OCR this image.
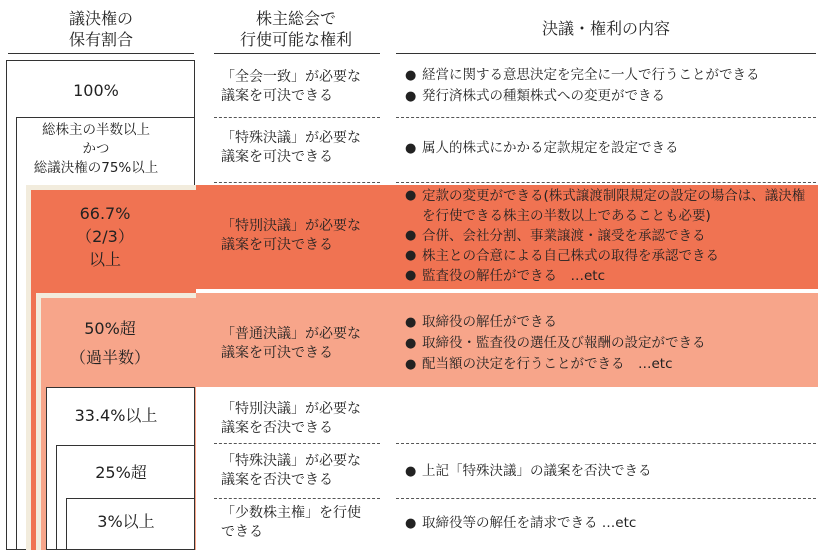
議決権の
保有割合
株主総会で
行使可能な権利
決議・権利の内容
100%
総株主の半数以上
かつ
総議決権の75%以上
66.7%
（2/3）
以上
50%超
（過半数）
33.4%以上
25%超
3%以上
「全会一致」が必要な
議案を可決できる
「特殊決議」が必要な
議案を可決できる
「特別決議」が必要な
議案を可決できる
「普通決議」が必要な
議案を可決できる
「特別決議」が必要な
議案を否決できる
「特殊決議」が必要な
議案を否決できる
「少数株主権」を行使
できる
● 経営に関する意思決定を完全に一人で行うことができる
● 発行済株式の種類株式への変更ができる
● 属人的株式にかかる定款規定を設定できる
● 定款の変更ができる(株式譲渡制限規定の設定の場合は、議決権を行使できる株主の半数以上であることも必要)
● 合併、会社分割、事業譲渡・譲受を承認できる
● 株主との合意による自己株式の取得を承認できる
● 監査役の解任ができる　…etc
● 取締役の解任ができる
● 取締役・監査役の選任及び報酬の設定ができる
● 配当額の決定を行うことができる　…etc
● 上記「特殊決議」の議案を否決できる
● 取締役等の解任を請求できる …etc
